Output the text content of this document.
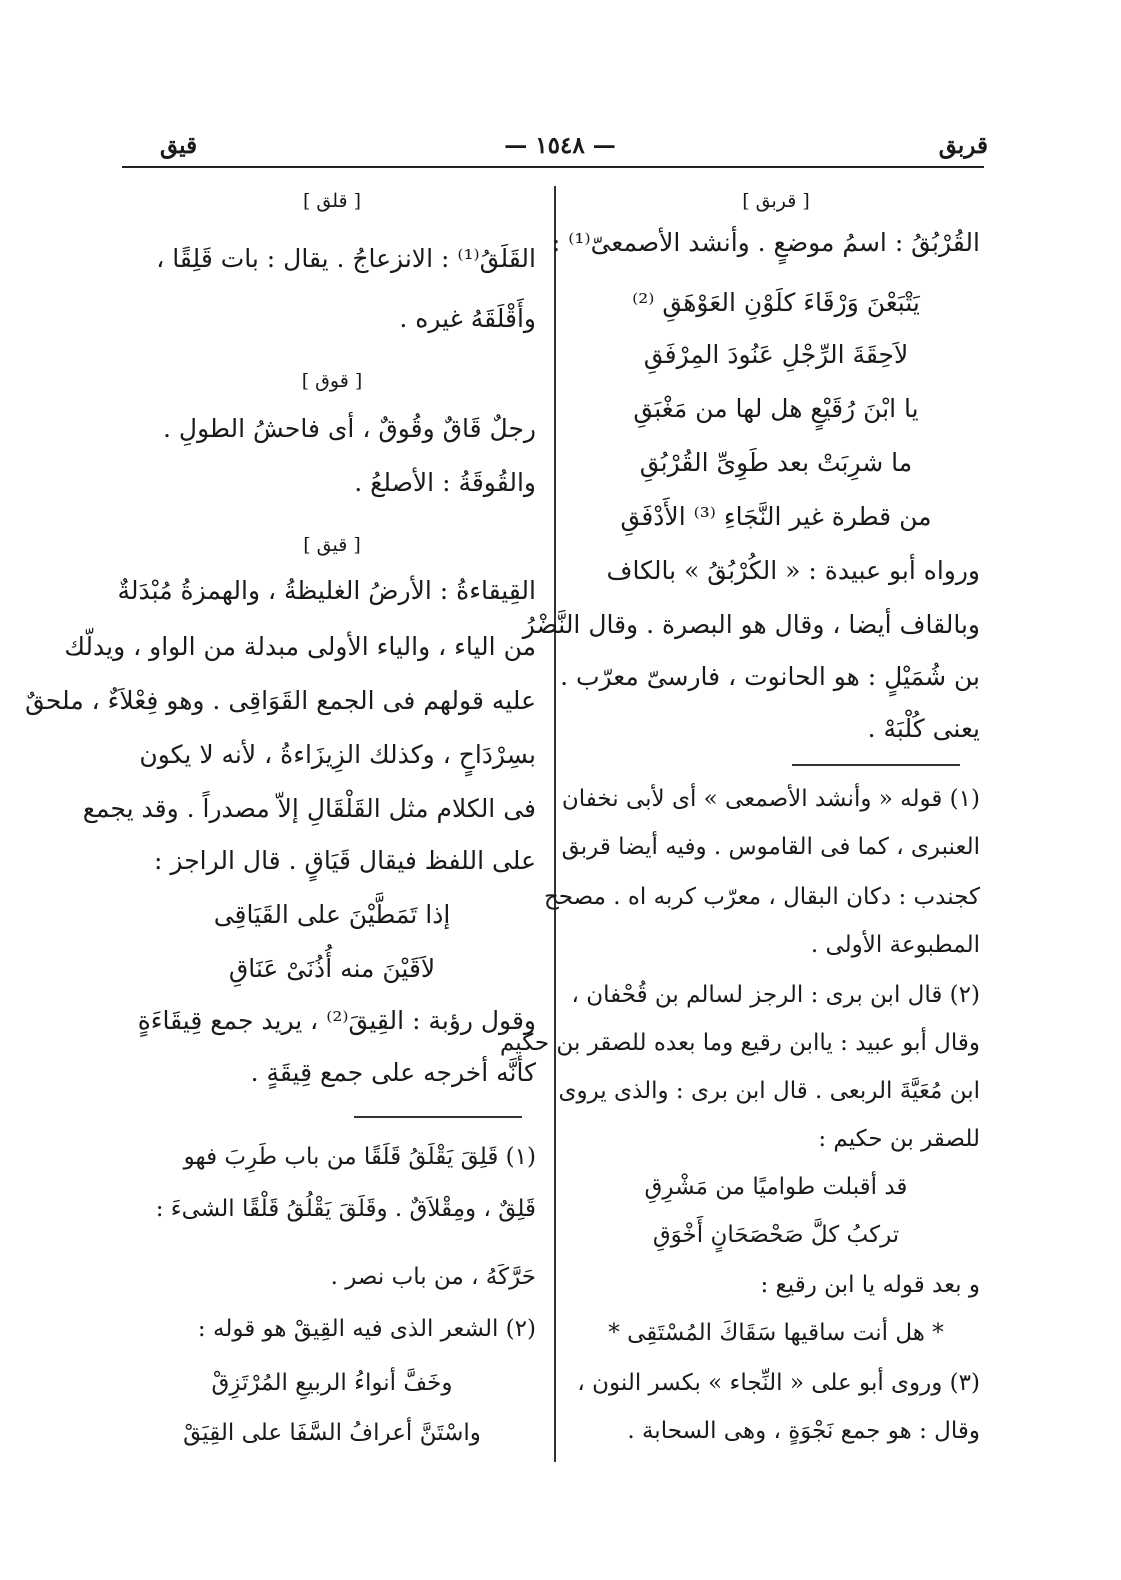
قربق
— ١٥٤٨ —
قيق
[ قربق ]
القُرْبُقُ : اسمُ موضعٍ . وأنشد الأصمعىّ⁽¹⁾ :
يَتْبَعْنَ وَرْقَاءَ كلَوْنِ العَوْهَقِ ⁽²⁾
لاَحِقَةَ الرِّجْلِ عَنُودَ المِرْفَقِ
يا ابْنَ رُقَيْعٍ هل لها من مَغْبَقِ
ما شرِبَتْ بعد طَوِىِّ القُرْبُقِ
من قطرة غير النَّجَاءِ ⁽³⁾ الأَدْفَقِ
ورواه أبو عبيدة : « الكُرْبُقُ » بالكاف
وبالقاف أيضا ، وقال هو البصرة . وقال النَّضْرُ
بن شُمَيْلٍ : هو الحانوت ، فارسىّ معرّب .
يعنى كُلْبَهْ .
(١) قوله « وأنشد الأصمعى » أى لأبى نخفان
العنبرى ، كما فى القاموس . وفيه أيضا قربق
كجندب : دكان البقال ، معرّب كربه اه . مصحح
المطبوعة الأولى .
(٢) قال ابن برى : الرجز لسالم بن قُحْفان ،
وقال أبو عبيد : ياابن رقيع وما بعده للصقر بن حكيم
ابن مُعَيَّةَ الربعى . قال ابن برى : والذى يروى
للصقر بن حكيم :
قد أقبلت طواميًا من مَشْرِقِ
تركبُ كلَّ صَحْصَحَانٍ أَخْوَقِ
و بعد قوله يا ابن رقيع :
* هل أنت ساقيها سَقَاكَ المُسْتَقِى *
(٣) وروى أبو على « النِّجاء » بكسر النون ،
وقال : هو جمع نَجْوَةٍ ، وهى السحابة .
[ قلق ]
القَلَقُ⁽¹⁾ : الانزعاجُ . يقال : بات قَلِقًا ،
وأَقْلَقَهُ غيره .
[ قوق ]
رجلٌ قَاقٌ وقُوقٌ ، أى فاحشُ الطولِ .
والقُوقَةُ : الأصلعُ .
[ قيق ]
القِيقاءةُ : الأرضُ الغليظةُ ، والهمزةُ مُبْدَلةٌ
من الياء ، والياء الأولى مبدلة من الواو ، ويدلّك
عليه قولهم فى الجمع القَوَاقِى . وهو فِعْلاَءٌ ، ملحقٌ
بسِرْدَاحٍ ، وكذلك الزِيزَاءةُ ، لأنه لا يكون
فى الكلام مثل القَلْقَالِ إلاّ مصدراً . وقد يجمع
على اللفظ فيقال قَيَاقٍ . قال الراجز :
إذا تَمَطَّيْنَ على القَيَاقِى
لاَقَيْنَ منه أُذُنَىْ عَنَاقِ
وقول رؤبة : القِيقَ⁽²⁾ ، يريد جمع قِيقَاءَةٍ
كأنَّه أخرجه على جمع قِيقَةٍ .
(١) قَلِقَ يَقْلَقُ قَلَقًا من باب طَرِبَ فهو
قَلِقٌ ، ومِقْلاَقٌ . وقَلَقَ يَقْلُقُ قَلْقًا الشىءَ :
حَرَّكَهُ ، من باب نصر .
(٢) الشعر الذى فيه القِيقْ هو قوله :
وخَفَّ أنواءُ الربيعِ المُرْتَزِقْ
واسْتَنَّ أعرافُ السَّفَا على القِيَقْ
